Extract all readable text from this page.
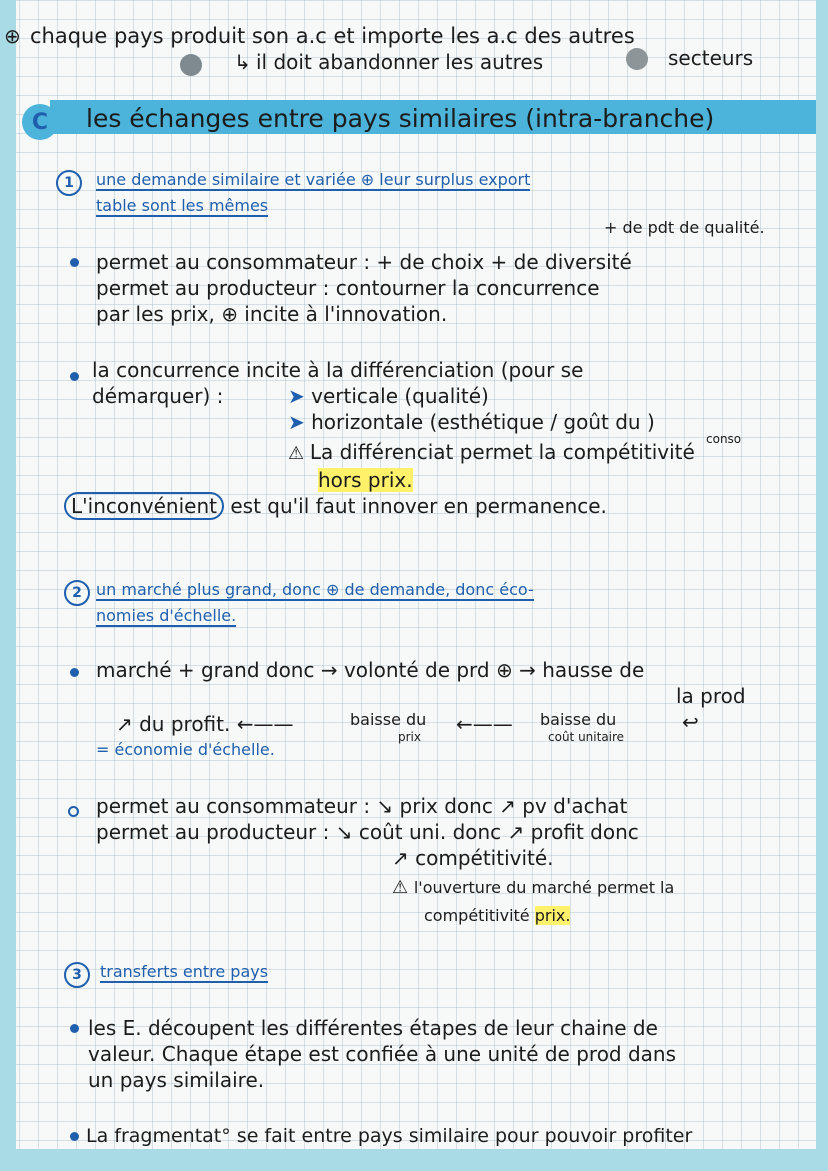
⊕ chaque pays produit son a.c et importe les a.c des autres
↳ il doit abandonner les autres	secteurs
C	les échanges entre pays similaires (intra-branche)
1	une demande similaire et variée ⊕ leur surplus export
table sont les mêmes
+ de pdt de qualité.
permet au consommateur : + de choix + de diversité
permet au producteur : contourner la concurrence
par les prix, ⊕ incite à l'innovation.
la concurrence incite à la différenciation (pour se
démarquer) :	➤ verticale (qualité)
➤ horizontale (esthétique / goût du )
conso
⚠ La différenciat permet la compétitivité
hors prix.
L'inconvénient est qu'il faut innover en permanence.
2 un marché plus grand, donc ⊕ de demande, donc éco-
nomies d'échelle.
marché + grand donc → volonté de prd ⊕ → hausse de
la prod
↗ du profit. ←——	baisse du
prix
←—— baisse du
coût unitaire
↩
= économie d'échelle.
permet au consommateur : ↘ prix donc ↗ pv d'achat
permet au producteur : ↘ coût uni. donc ↗ profit donc
↗ compétitivité.
⚠ l'ouverture du marché permet la
compétitivité prix.
3	transferts entre pays
les E. découpent les différentes étapes de leur chaine de
valeur. Chaque étape est confiée à une unité de prod dans
un pays similaire.
La fragmentat° se fait entre pays similaire pour pouvoir profiter
